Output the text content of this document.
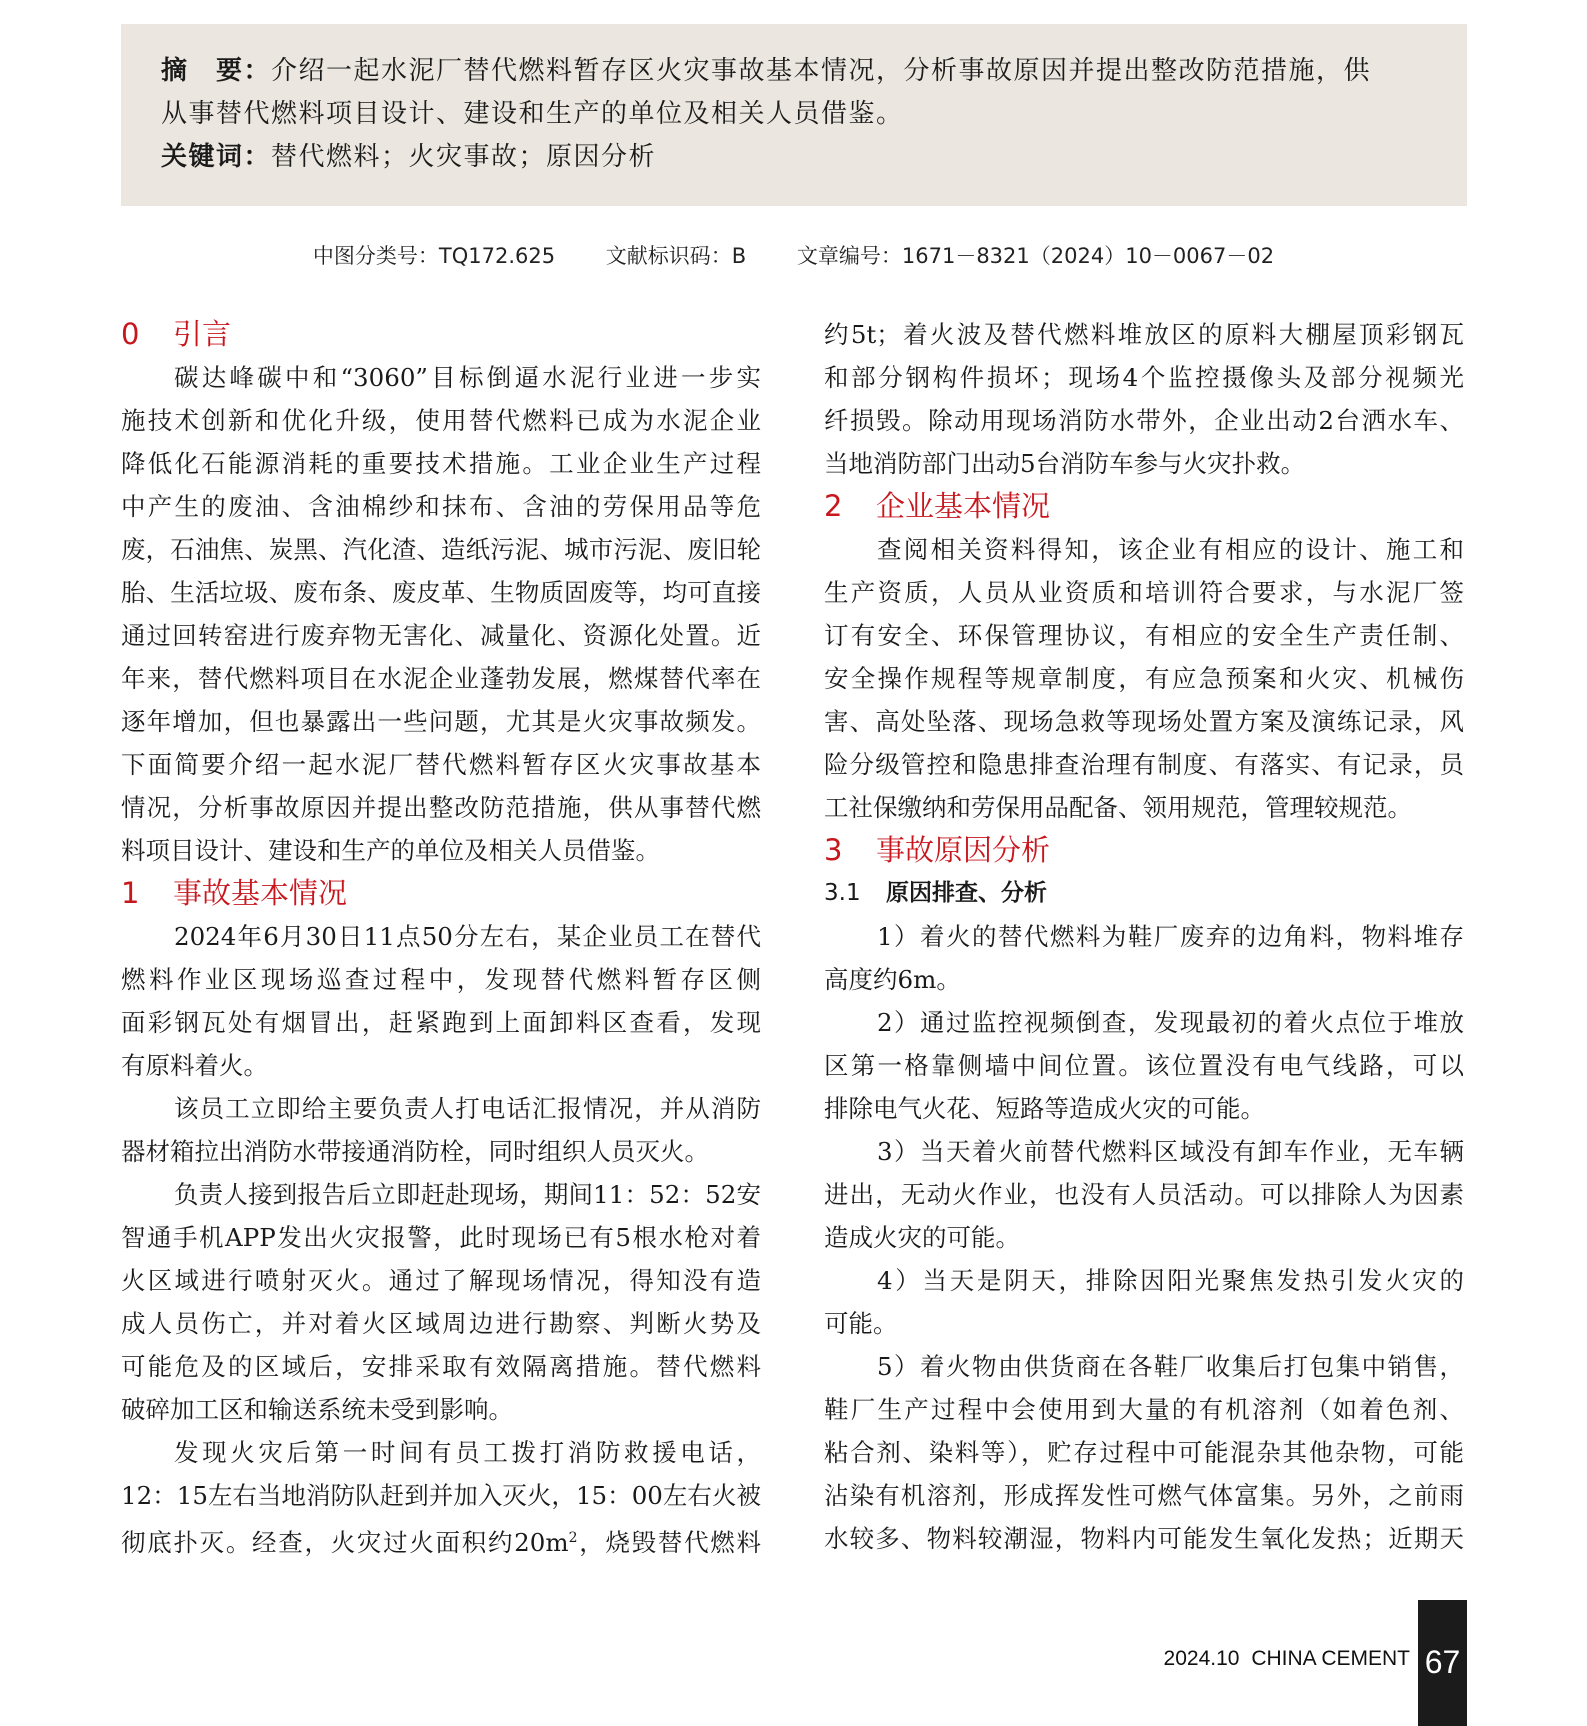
摘　要：介绍一起水泥厂替代燃料暂存区火灾事故基本情况，分析事故原因并提出整改防范措施，供
从事替代燃料项目设计、建设和生产的单位及相关人员借鉴。
关键词：替代燃料；火灾事故；原因分析
中图分类号：TQ172.625 文献标识码：B 文章编号：1671－8321（2024）10－0067－02
0 引言
碳达峰碳中和“3060”目标倒逼水泥行业进一步实
施技术创新和优化升级，使用替代燃料已成为水泥企业
降低化石能源消耗的重要技术措施。工业企业生产过程
中产生的废油、含油棉纱和抹布、含油的劳保用品等危
废，石油焦、炭黑、汽化渣、造纸污泥、城市污泥、废旧轮
胎、生活垃圾、废布条、废皮革、生物质固废等，均可直接
通过回转窑进行废弃物无害化、减量化、资源化处置。近
年来，替代燃料项目在水泥企业蓬勃发展，燃煤替代率在
逐年增加，但也暴露出一些问题，尤其是火灾事故频发。
下面简要介绍一起水泥厂替代燃料暂存区火灾事故基本
情况，分析事故原因并提出整改防范措施，供从事替代燃
料项目设计、建设和生产的单位及相关人员借鉴。
1 事故基本情况
2024年6月30日11点50分左右，某企业员工在替代
燃料作业区现场巡查过程中，发现替代燃料暂存区侧
面彩钢瓦处有烟冒出，赶紧跑到上面卸料区查看，发现
有原料着火。
该员工立即给主要负责人打电话汇报情况，并从消防
器材箱拉出消防水带接通消防栓，同时组织人员灭火。
负责人接到报告后立即赶赴现场，期间11：52：52安
智通手机APP发出火灾报警，此时现场已有5根水枪对着
火区域进行喷射灭火。通过了解现场情况，得知没有造
成人员伤亡，并对着火区域周边进行勘察、判断火势及
可能危及的区域后，安排采取有效隔离措施。替代燃料
破碎加工区和输送系统未受到影响。
发现火灾后第一时间有员工拨打消防救援电话，
12：15左右当地消防队赶到并加入灭火，15：00左右火被
彻底扑灭。经查，火灾过火面积约$20m^2$，烧毁替代燃料
约5t；着火波及替代燃料堆放区的原料大棚屋顶彩钢瓦
和部分钢构件损坏；现场4个监控摄像头及部分视频光
纤损毁。除动用现场消防水带外，企业出动2台洒水车、
当地消防部门出动5台消防车参与火灾扑救。
2 企业基本情况
查阅相关资料得知，该企业有相应的设计、施工和
生产资质，人员从业资质和培训符合要求，与水泥厂签
订有安全、环保管理协议，有相应的安全生产责任制、
安全操作规程等规章制度，有应急预案和火灾、机械伤
害、高处坠落、现场急救等现场处置方案及演练记录，风
险分级管控和隐患排查治理有制度、有落实、有记录，员
工社保缴纳和劳保用品配备、领用规范，管理较规范。
3 事故原因分析
3.1 原因排查、分析
1）着火的替代燃料为鞋厂废弃的边角料，物料堆存
高度约6m。
2）通过监控视频倒查，发现最初的着火点位于堆放
区第一格靠侧墙中间位置。该位置没有电气线路，可以
排除电气火花、短路等造成火灾的可能。
3）当天着火前替代燃料区域没有卸车作业，无车辆
进出，无动火作业，也没有人员活动。可以排除人为因素
造成火灾的可能。
4）当天是阴天，排除因阳光聚焦发热引发火灾的
可能。
5）着火物由供货商在各鞋厂收集后打包集中销售，
鞋厂生产过程中会使用到大量的有机溶剂（如着色剂、
粘合剂、染料等），贮存过程中可能混杂其他杂物，可能
沾染有机溶剂，形成挥发性可燃气体富集。另外，之前雨
水较多、物料较潮湿，物料内可能发生氧化发热；近期天
2024.10 CHINA CEMENT 67
